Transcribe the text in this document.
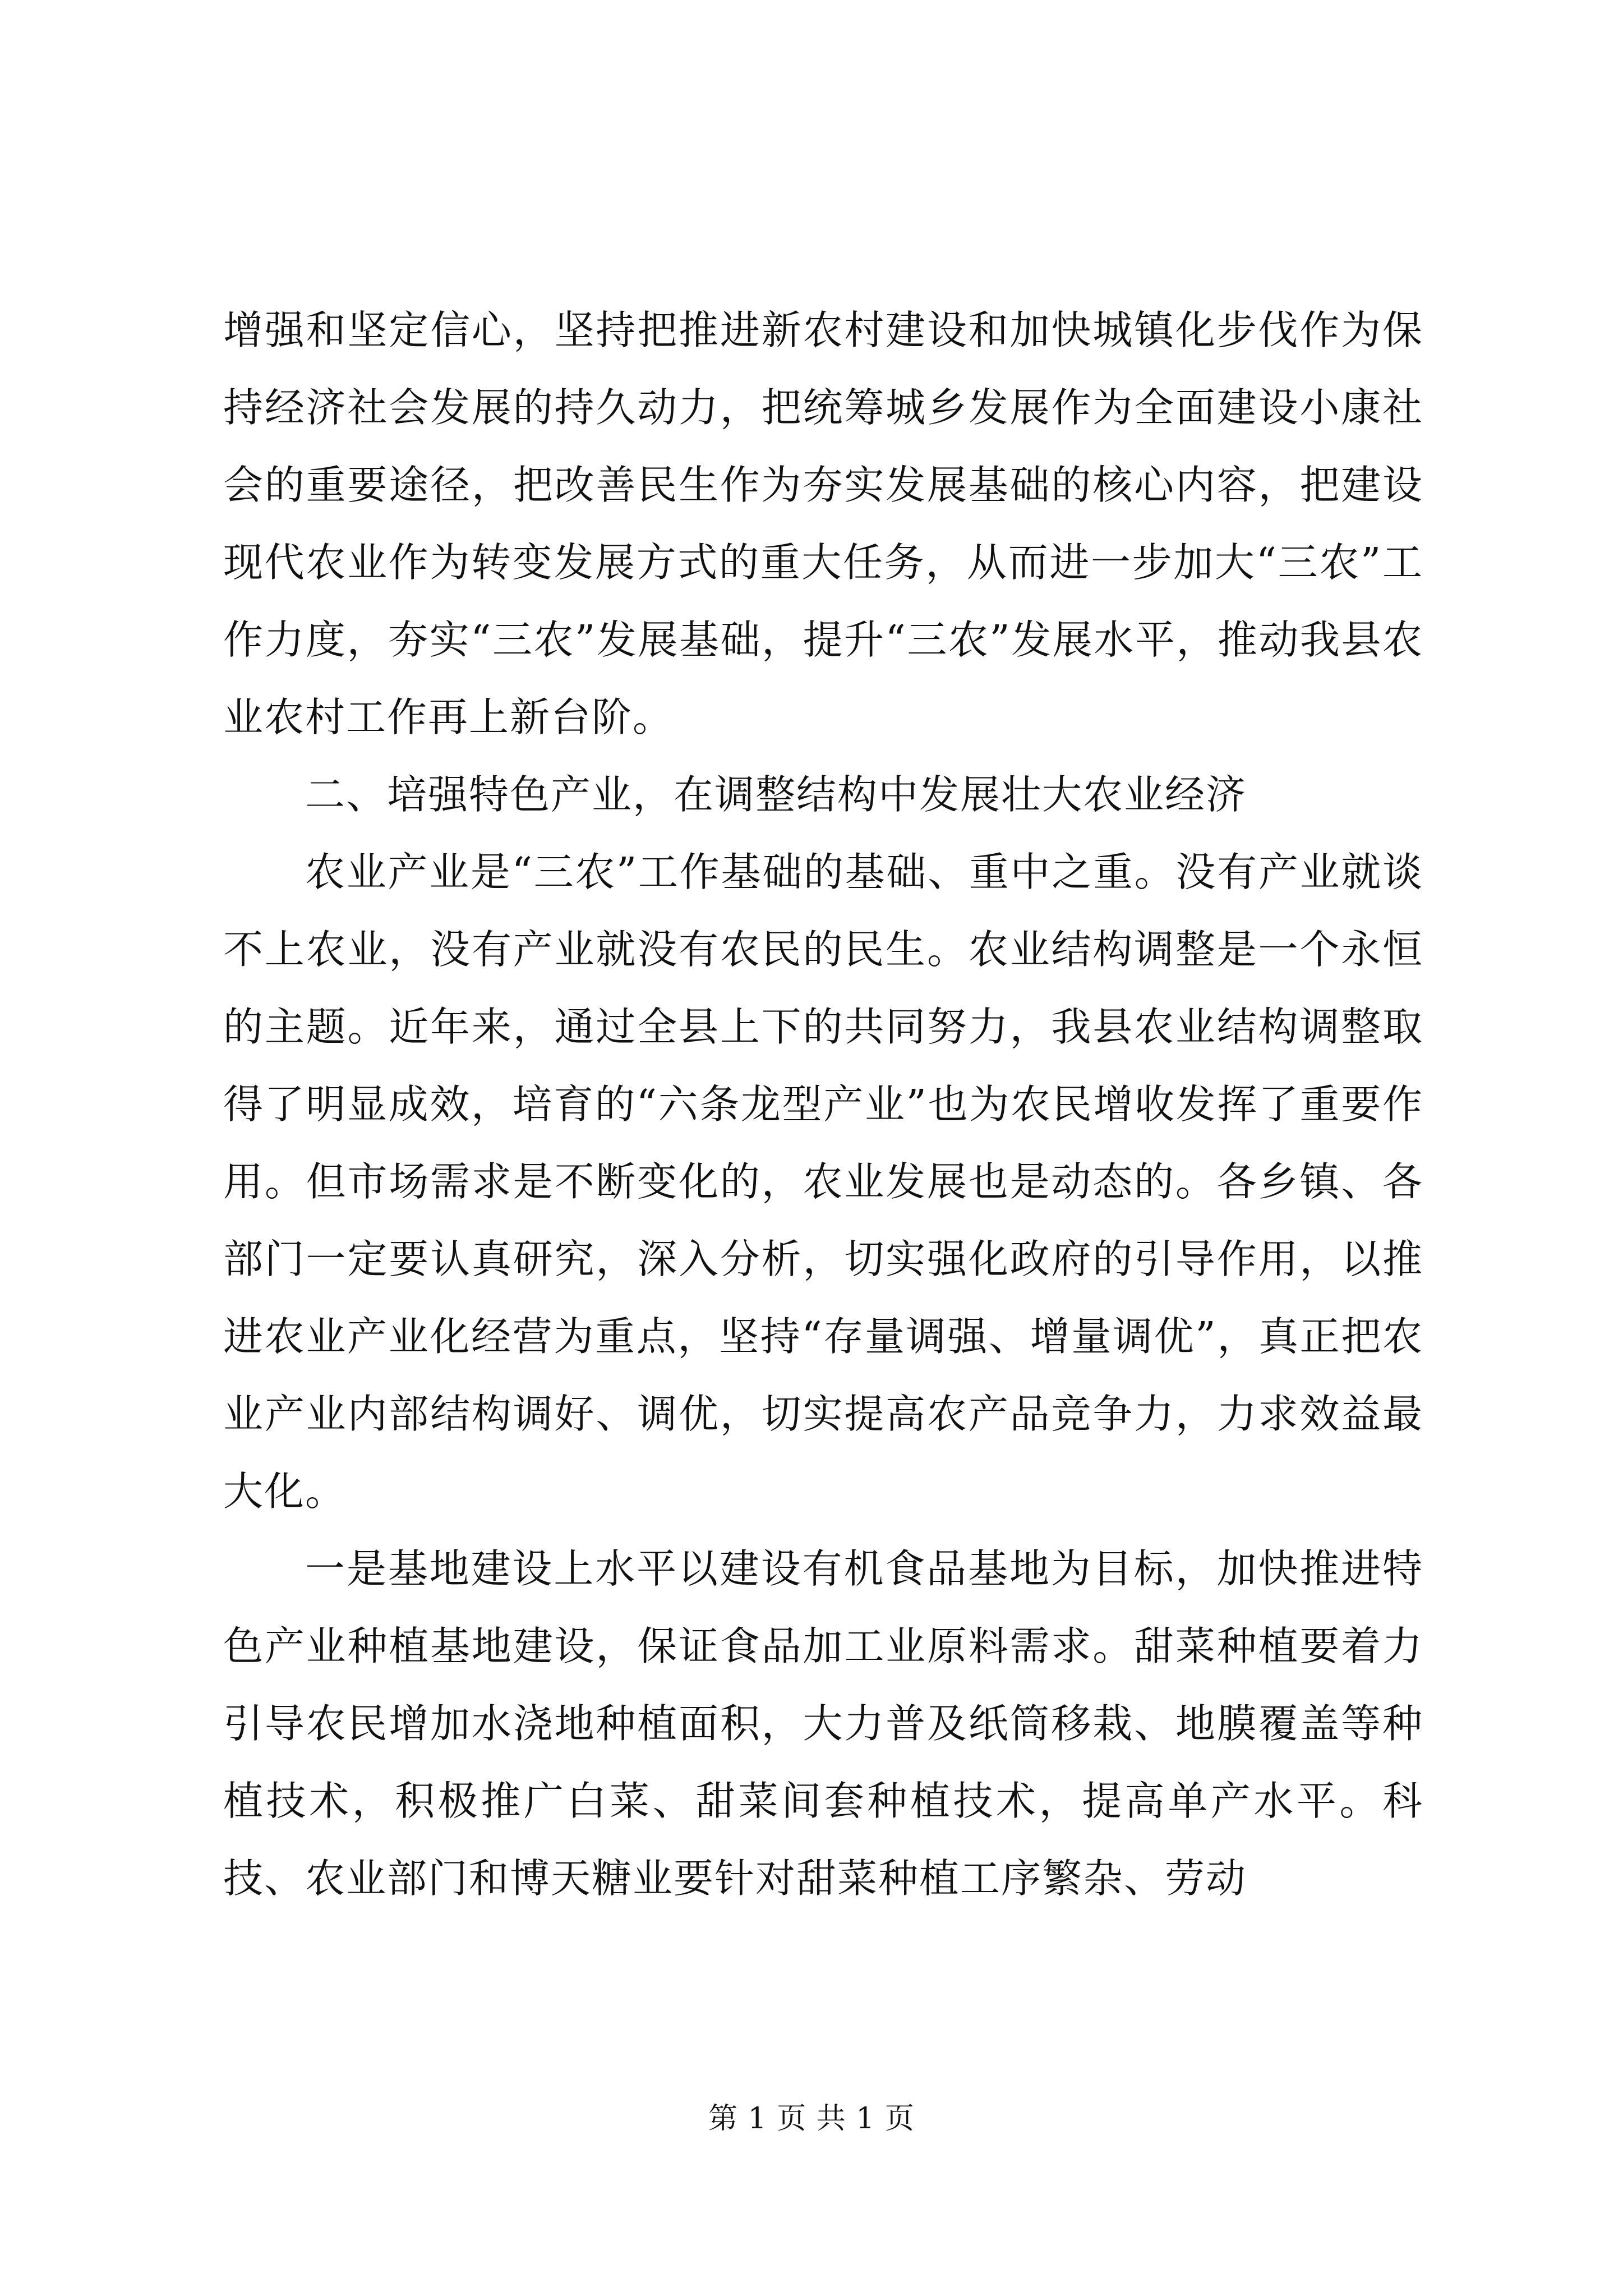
增强和坚定信心，坚持把推进新农村建设和加快城镇化步伐作为保持经济社会发展的持久动力，把统筹城乡发展作为全面建设小康社会的重要途径，把改善民生作为夯实发展基础的核心内容，把建设现代农业作为转变发展方式的重大任务，从而进一步加大“三农”工作力度，夯实“三农”发展基础，提升“三农”发展水平，推动我县农业农村工作再上新台阶。

二、培强特色产业，在调整结构中发展壮大农业经济

农业产业是“三农”工作基础的基础、重中之重。没有产业就谈不上农业，没有产业就没有农民的民生。农业结构调整是一个永恒的主题。近年来，通过全县上下的共同努力，我县农业结构调整取得了明显成效，培育的“六条龙型产业”也为农民增收发挥了重要作用。但市场需求是不断变化的，农业发展也是动态的。各乡镇、各部门一定要认真研究，深入分析，切实强化政府的引导作用，以推进农业产业化经营为重点，坚持“存量调强、增量调优”，真正把农业产业内部结构调好、调优，切实提高农产品竞争力，力求效益最大化。

一是基地建设上水平以建设有机食品基地为目标，加快推进特色产业种植基地建设，保证食品加工业原料需求。甜菜种植要着力引导农民增加水浇地种植面积，大力普及纸筒移栽、地膜覆盖等种植技术，积极推广白菜、甜菜间套种植技术，提高单产水平。科技、农业部门和博天糖业要针对甜菜种植工序繁杂、劳动

第 1 页 共 1 页
